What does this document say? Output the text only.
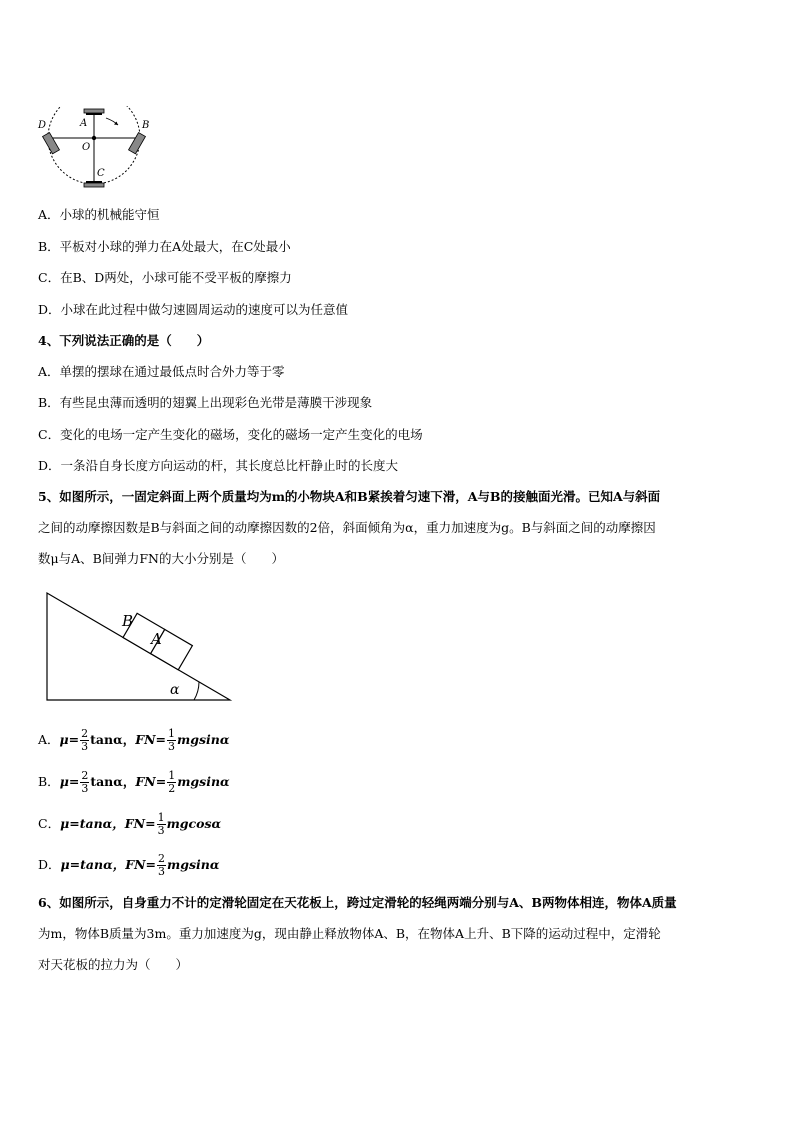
A	B
D
O
C
A．小球的机械能守恒
B．平板对小球的弹力在A处最大，在C处最小
C．在B、D两处，小球可能不受平板的摩擦力
D．小球在此过程中做匀速圆周运动的速度可以为任意值
4、下列说法正确的是（　　）
A．单摆的摆球在通过最低点时合外力等于零
B．有些昆虫薄而透明的翅翼上出现彩色光带是薄膜干涉现象
C．变化的电场一定产生变化的磁场，变化的磁场一定产生变化的电场
D．一条沿自身长度方向运动的杆，其长度总比杆静止时的长度大
5、如图所示，一固定斜面上两个质量均为m的小物块A和B紧挨着匀速下滑，A与B的接触面光滑。已知A与斜面
之间的动摩擦因数是B与斜面之间的动摩擦因数的2倍，斜面倾角为α，重力加速度为g。B与斜面之间的动摩擦因
数μ与A、B间弹力FN的大小分别是（　　）
B
A
α
A．$\mu= \frac{2}{3}$ tanα，$FN= \frac{1}{3}$ mgsinα
B．$\mu= \frac{2}{3}$ tanα，$FN= \frac{1}{2}$ mgsinα
C．μ=tanα，$FN= \frac{1}{3}$ mgcosα
D．μ=tanα，$FN= \frac{2}{3}$ mgsinα
6、如图所示，自身重力不计的定滑轮固定在天花板上，跨过定滑轮的轻绳两端分别与A、B两物体相连，物体A质量
为m，物体B质量为3m。重力加速度为g，现由静止释放物体A、B，在物体A上升、B下降的运动过程中，定滑轮
对天花板的拉力为（　　）
